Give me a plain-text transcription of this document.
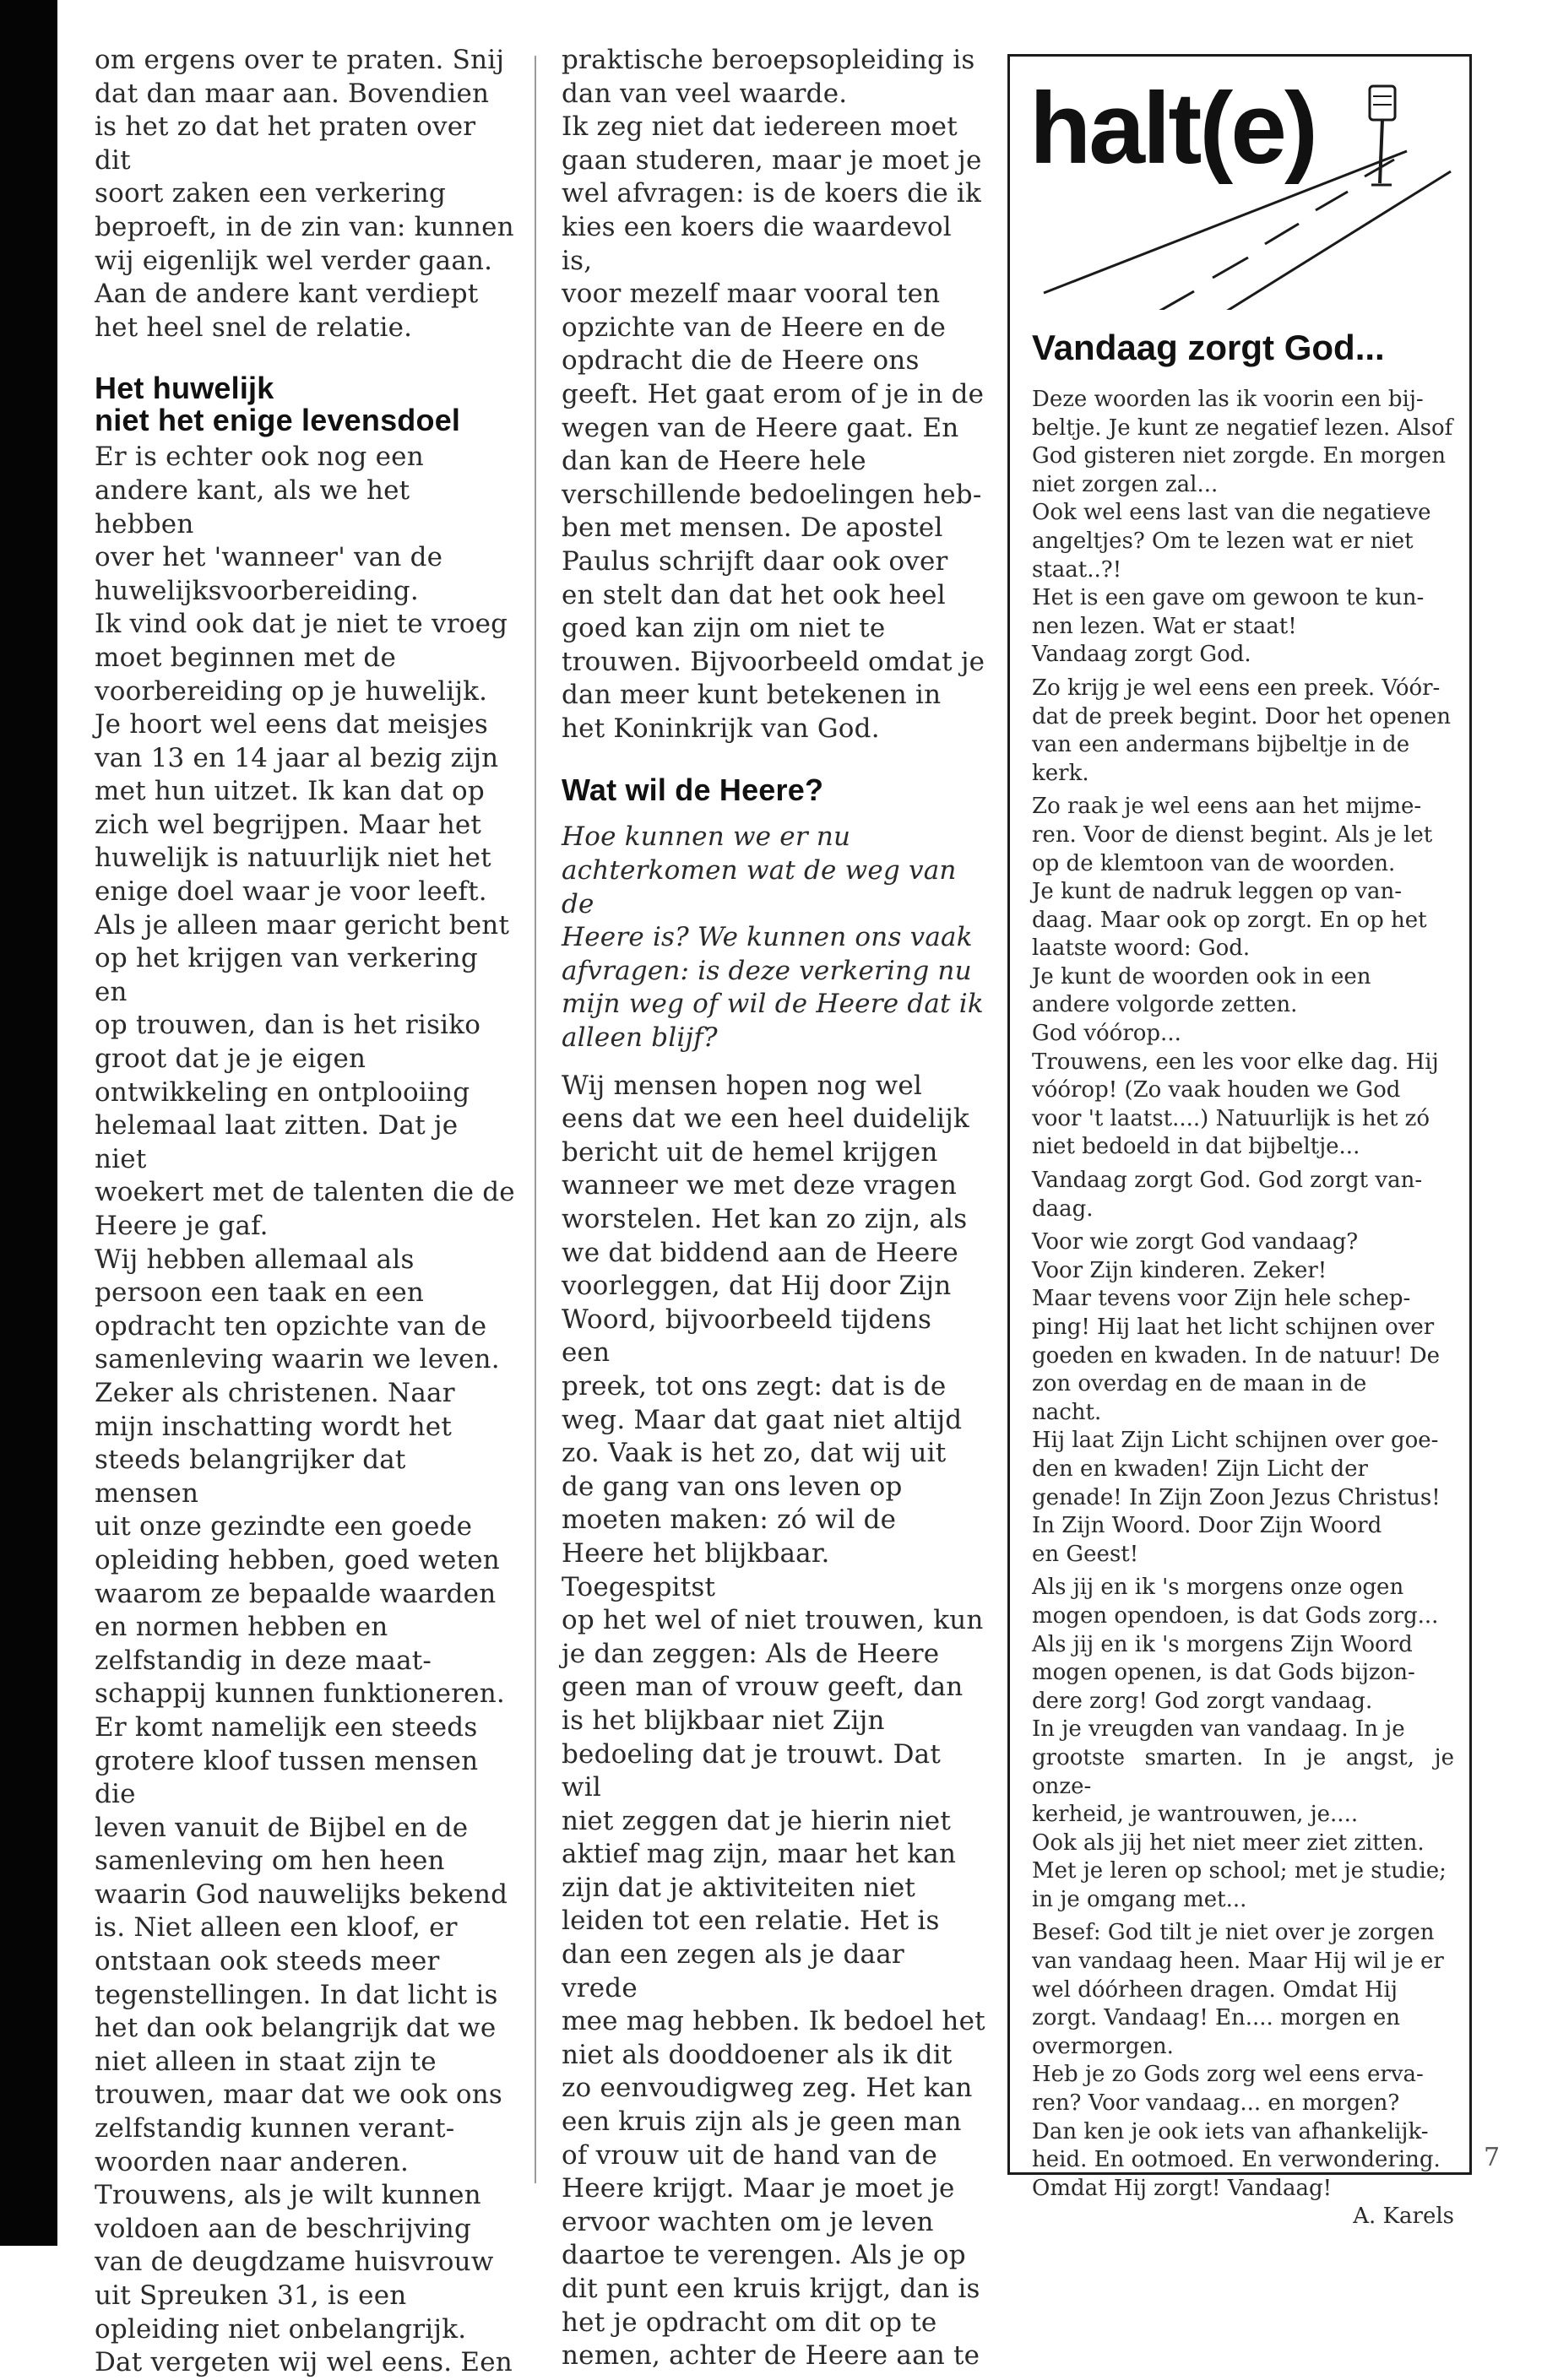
om ergens over te praten. Snij

dat dan maar aan. Bovendien

is het zo dat het praten over dit

soort zaken een verkering

beproeft, in de zin van: kunnen

wij eigenlijk wel verder gaan.

Aan de andere kant verdiept

het heel snel de relatie.

Het huwelijk
niet het enige levensdoel

Er is echter ook nog een

andere kant, als we het hebben

over het 'wanneer' van de

huwelijksvoorbereiding.

Ik vind ook dat je niet te vroeg

moet beginnen met de

voorbereiding op je huwelijk.

Je hoort wel eens dat meisjes

van 13 en 14 jaar al bezig zijn

met hun uitzet. Ik kan dat op

zich wel begrijpen. Maar het

huwelijk is natuurlijk niet het

enige doel waar je voor leeft.

Als je alleen maar gericht bent

op het krijgen van verkering en

op trouwen, dan is het risiko

groot dat je je eigen

ontwikkeling en ontplooiing

helemaal laat zitten. Dat je niet

woekert met de talenten die de

Heere je gaf.

Wij hebben allemaal als

persoon een taak en een

opdracht ten opzichte van de

samenleving waarin we leven.

Zeker als christenen. Naar

mijn inschatting wordt het

steeds belangrijker dat mensen

uit onze gezindte een goede

opleiding hebben, goed weten

waarom ze bepaalde waarden

en normen hebben en

zelfstandig in deze maat-

schappij kunnen funktioneren.

Er komt namelijk een steeds

grotere kloof tussen mensen die

leven vanuit de Bijbel en de

samenleving om hen heen

waarin God nauwelijks bekend

is. Niet alleen een kloof, er

ontstaan ook steeds meer

tegenstellingen. In dat licht is

het dan ook belangrijk dat we

niet alleen in staat zijn te

trouwen, maar dat we ook ons

zelfstandig kunnen verant-

woorden naar anderen.

Trouwens, als je wilt kunnen

voldoen aan de beschrijving

van de deugdzame huisvrouw

uit Spreuken 31, is een

opleiding niet onbelangrijk.

Dat vergeten wij wel eens. Een

praktische beroepsopleiding is

dan van veel waarde.

Ik zeg niet dat iedereen moet

gaan studeren, maar je moet je

wel afvragen: is de koers die ik

kies een koers die waardevol is,

voor mezelf maar vooral ten

opzichte van de Heere en de

opdracht die de Heere ons

geeft. Het gaat erom of je in de

wegen van de Heere gaat. En

dan kan de Heere hele

verschillende bedoelingen heb-

ben met mensen. De apostel

Paulus schrijft daar ook over

en stelt dan dat het ook heel

goed kan zijn om niet te

trouwen. Bijvoorbeeld omdat je

dan meer kunt betekenen in

het Koninkrijk van God.

Wat wil de Heere?

Hoe kunnen we er nu

achterkomen wat de weg van de

Heere is? We kunnen ons vaak

afvragen: is deze verkering nu

mijn weg of wil de Heere dat ik

alleen blijf?

Wij mensen hopen nog wel

eens dat we een heel duidelijk

bericht uit de hemel krijgen

wanneer we met deze vragen

worstelen. Het kan zo zijn, als

we dat biddend aan de Heere

voorleggen, dat Hij door Zijn

Woord, bijvoorbeeld tijdens een

preek, tot ons zegt: dat is de

weg. Maar dat gaat niet altijd

zo. Vaak is het zo, dat wij uit

de gang van ons leven op

moeten maken: zó wil de

Heere het blijkbaar. Toegespitst

op het wel of niet trouwen, kun

je dan zeggen: Als de Heere

geen man of vrouw geeft, dan

is het blijkbaar niet Zijn

bedoeling dat je trouwt. Dat wil

niet zeggen dat je hierin niet

aktief mag zijn, maar het kan

zijn dat je aktiviteiten niet

leiden tot een relatie. Het is

dan een zegen als je daar vrede

mee mag hebben. Ik bedoel het

niet als dooddoener als ik dit

zo eenvoudigweg zeg. Het kan

een kruis zijn als je geen man

of vrouw uit de hand van de

Heere krijgt. Maar je moet je

ervoor wachten om je leven

daartoe te verengen. Als je op

dit punt een kruis krijgt, dan is

het je opdracht om dit op te

nemen, achter de Heere aan te

halt(e)
Vandaag zorgt God...

Deze woorden las ik voorin een bij-

beltje. Je kunt ze negatief lezen. Alsof

God gisteren niet zorgde. En morgen

niet zorgen zal...

Ook wel eens last van die negatieve

angeltjes? Om te lezen wat er niet

staat..?!

Het is een gave om gewoon te kun-

nen lezen. Wat er staat!

Vandaag zorgt God.

Zo krijg je wel eens een preek. Vóór-

dat de preek begint. Door het openen

van een andermans bijbeltje in de

kerk.

Zo raak je wel eens aan het mijme-

ren. Voor de dienst begint. Als je let

op de klemtoon van de woorden.

Je kunt de nadruk leggen op van-

daag. Maar ook op zorgt. En op het

laatste woord: God.

Je kunt de woorden ook in een

andere volgorde zetten.

God vóórop...

Trouwens, een les voor elke dag. Hij

vóórop! (Zo vaak houden we God

voor 't laatst....) Natuurlijk is het zó

niet bedoeld in dat bijbeltje...

Vandaag zorgt God. God zorgt van-

daag.

Voor wie zorgt God vandaag?

Voor Zijn kinderen. Zeker!

Maar tevens voor Zijn hele schep-

ping! Hij laat het licht schijnen over

goeden en kwaden. In de natuur! De

zon overdag en de maan in de

nacht.

Hij laat Zijn Licht schijnen over goe-

den en kwaden! Zijn Licht der

genade! In Zijn Zoon Jezus Christus!

In Zijn Woord. Door Zijn Woord

en Geest!

Als jij en ik 's morgens onze ogen

mogen opendoen, is dat Gods zorg...

Als jij en ik 's morgens Zijn Woord

mogen openen, is dat Gods bijzon-

dere zorg! God zorgt vandaag.

In je vreugden van vandaag. In je

grootste smarten. In je angst, je onze-

kerheid, je wantrouwen, je....

Ook als jij het niet meer ziet zitten.

Met je leren op school; met je studie;

in je omgang met...

Besef: God tilt je niet over je zorgen

van vandaag heen. Maar Hij wil je er

wel dóórheen dragen. Omdat Hij

zorgt. Vandaag! En.... morgen en

overmorgen.

Heb je zo Gods zorg wel eens erva-

ren? Voor vandaag... en morgen?

Dan ken je ook iets van afhankelijk-

heid. En ootmoed. En verwondering.

Omdat Hij zorgt! Vandaag!

A. Karels

7
